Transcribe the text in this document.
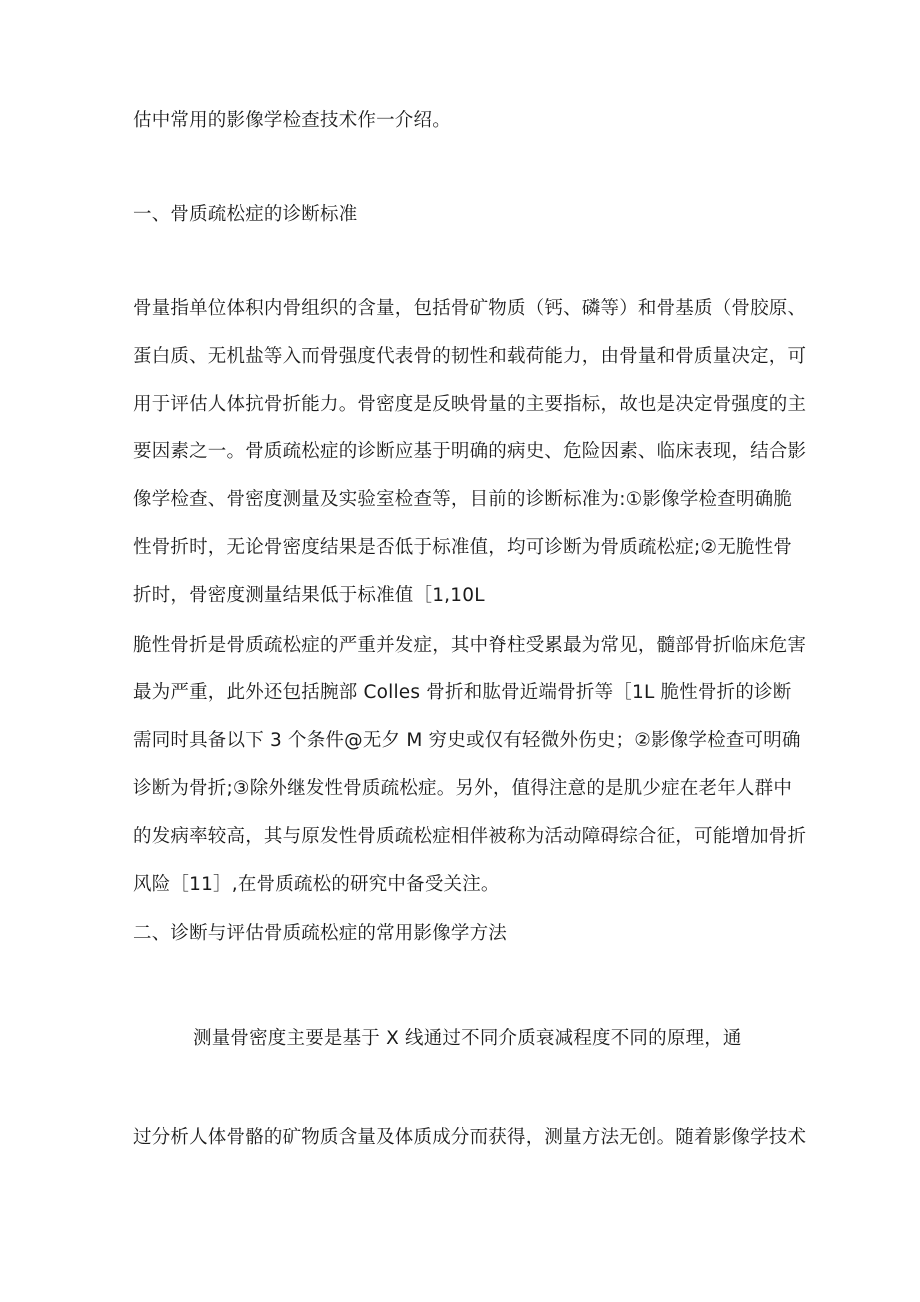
估中常用的影像学检查技术作一介绍。
一、骨质疏松症的诊断标准
骨量指单位体积内骨组织的含量，包括骨矿物质（钙、磷等）和骨基质（骨胶原、
蛋白质、无机盐等入而骨强度代表骨的韧性和载荷能力，由骨量和骨质量决定，可
用于评估人体抗骨折能力。骨密度是反映骨量的主要指标，故也是决定骨强度的主
要因素之一。骨质疏松症的诊断应基于明确的病史、危险因素、临床表现，结合影
像学检查、骨密度测量及实验室检查等，目前的诊断标准为:①影像学检查明确脆
性骨折时，无论骨密度结果是否低于标准值，均可诊断为骨质疏松症;②无脆性骨
折时，骨密度测量结果低于标准值［1,10L
脆性骨折是骨质疏松症的严重并发症，其中脊柱受累最为常见，髓部骨折临床危害
最为严重，此外还包括腕部 Colles 骨折和肱骨近端骨折等［1L 脆性骨折的诊断
需同时具备以下 3 个条件@无夕 M 穷史或仅有轻微外伤史；②影像学检查可明确
诊断为骨折;③除外继发性骨质疏松症。另外，值得注意的是肌少症在老年人群中
的发病率较高，其与原发性骨质疏松症相伴被称为活动障碍综合征，可能增加骨折
风险［11］,在骨质疏松的研究中备受关注。
二、诊断与评估骨质疏松症的常用影像学方法
测量骨密度主要是基于 X 线通过不同介质衰减程度不同的原理，通
过分析人体骨骼的矿物质含量及体质成分而获得，测量方法无创。随着影像学技术
